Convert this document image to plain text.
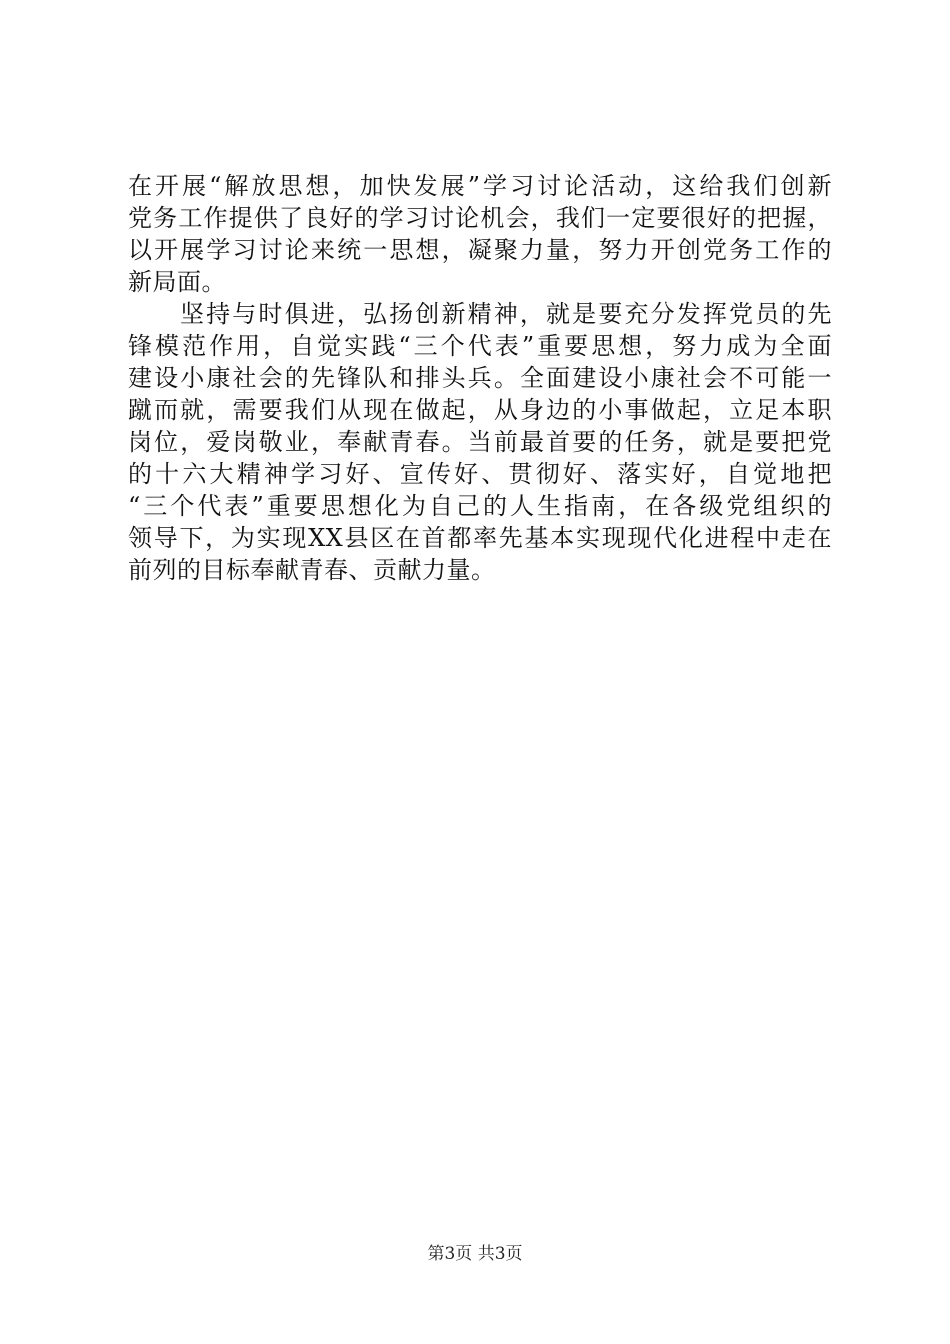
在开展“解放思想，加快发展”学习讨论活动，这给我们创新
党务工作提供了良好的学习讨论机会，我们一定要很好的把握，
以开展学习讨论来统一思想，凝聚力量，努力开创党务工作的
新局面。
坚持与时俱进，弘扬创新精神，就是要充分发挥党员的先
锋模范作用，自觉实践“三个代表”重要思想，努力成为全面
建设小康社会的先锋队和排头兵。全面建设小康社会不可能一
蹴而就，需要我们从现在做起，从身边的小事做起，立足本职
岗位，爱岗敬业，奉献青春。当前最首要的任务，就是要把党
的十六大精神学习好、宣传好、贯彻好、落实好，自觉地把
“三个代表”重要思想化为自己的人生指南，在各级党组织的
领导下，为实现XX县区在首都率先基本实现现代化进程中走在
前列的目标奉献青春、贡献力量。
第3页 共3页
